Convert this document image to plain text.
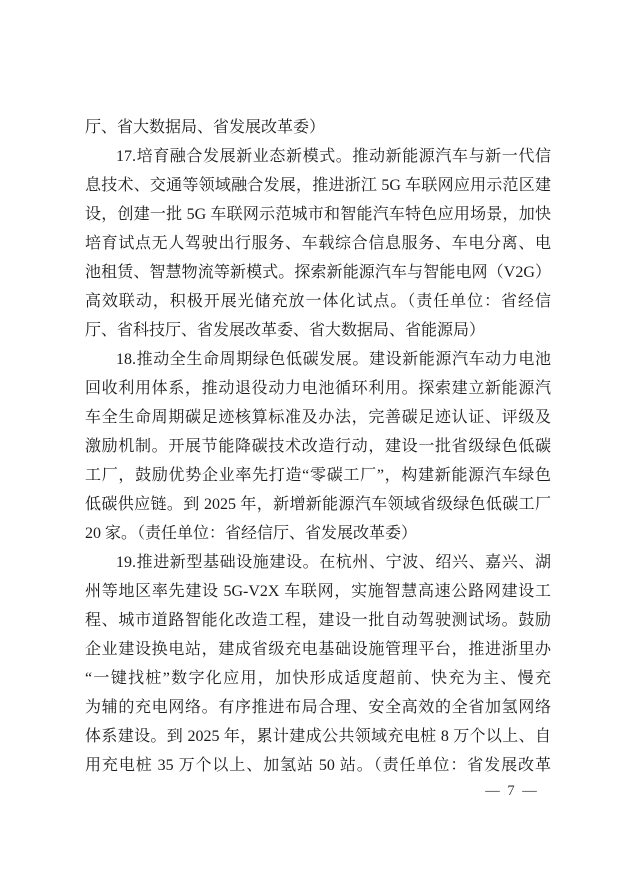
厅、省大数据局、省发展改革委）
17.培育融合发展新业态新模式。推动新能源汽车与新一代信
息技术、交通等领域融合发展，推进浙江 5G 车联网应用示范区建
设，创建一批 5G 车联网示范城市和智能汽车特色应用场景，加快
培育试点无人驾驶出行服务、车载综合信息服务、车电分离、电
池租赁、智慧物流等新模式。探索新能源汽车与智能电网（V2G）
高效联动，积极开展光储充放一体化试点。（责任单位：省经信
厅、省科技厅、省发展改革委、省大数据局、省能源局）
18.推动全生命周期绿色低碳发展。建设新能源汽车动力电池
回收利用体系，推动退役动力电池循环利用。探索建立新能源汽
车全生命周期碳足迹核算标准及办法，完善碳足迹认证、评级及
激励机制。开展节能降碳技术改造行动，建设一批省级绿色低碳
工厂，鼓励优势企业率先打造“零碳工厂”，构建新能源汽车绿色
低碳供应链。到 2025 年，新增新能源汽车领域省级绿色低碳工厂
20 家。（责任单位：省经信厅、省发展改革委）
19.推进新型基础设施建设。在杭州、宁波、绍兴、嘉兴、湖
州等地区率先建设 5G-V2X 车联网，实施智慧高速公路网建设工
程、城市道路智能化改造工程，建设一批自动驾驶测试场。鼓励
企业建设换电站，建成省级充电基础设施管理平台，推进浙里办
“一键找桩”数字化应用，加快形成适度超前、快充为主、慢充
为辅的充电网络。有序推进布局合理、安全高效的全省加氢网络
体系建设。到 2025 年，累计建成公共领域充电桩 8 万个以上、自
用充电桩 35 万个以上、加氢站 50 站。（责任单位：省发展改革
— 7 —
